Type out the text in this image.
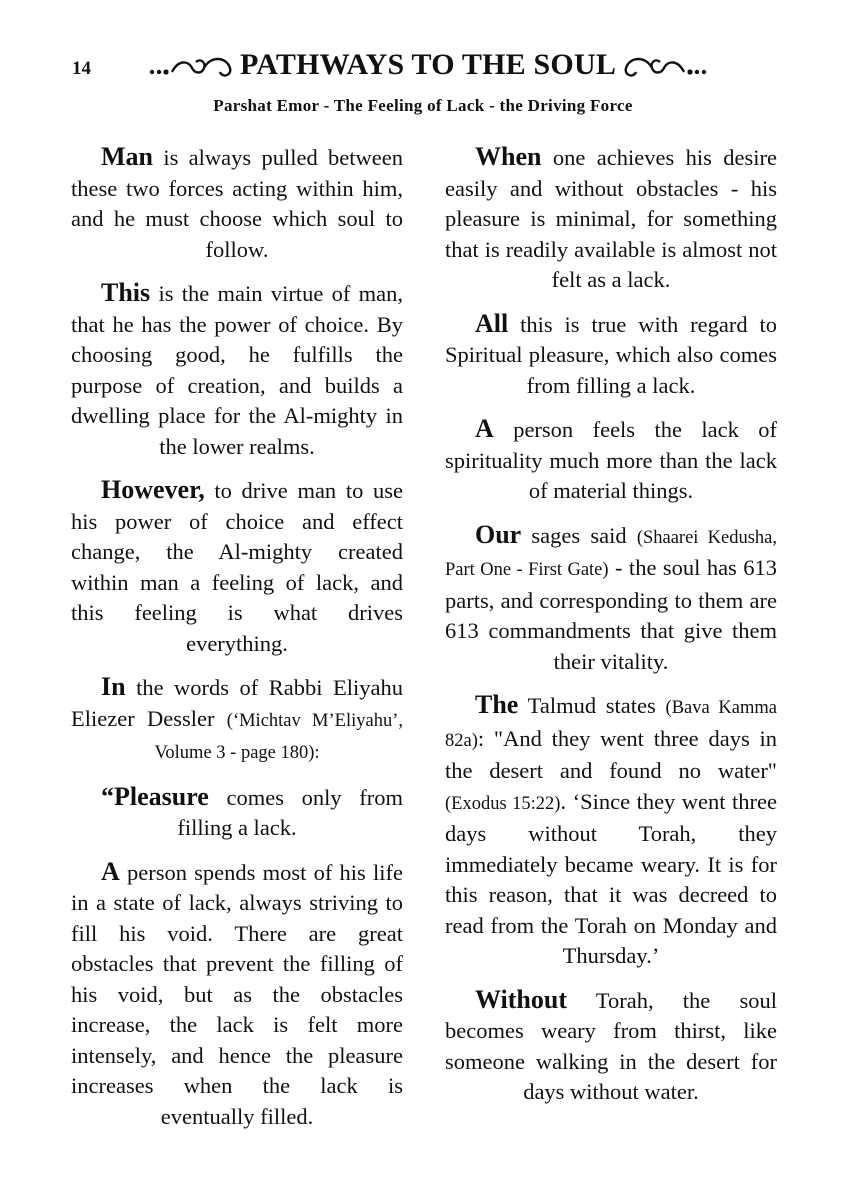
14	PATHWAYS TO THE SOUL
Parshat Emor - The Feeling of Lack - the Driving Force

Man is always pulled between these two forces acting within him, and he must choose which soul to follow.

This is the main virtue of man, that he has the power of choice. By choosing good, he fulfills the purpose of creation, and builds a dwelling place for the Al-mighty in the lower realms.

However, to drive man to use his power of choice and effect change, the Al-mighty created within man a feeling of lack, and this feeling is what drives everything.

In the words of Rabbi Eliyahu Eliezer Dessler (‘Michtav M’Eliyahu’, Volume 3 - page 180):

“Pleasure comes only from filling a lack.

A person spends most of his life in a state of lack, always striving to fill his void. There are great obstacles that prevent the filling of his void, but as the obstacles increase, the lack is felt more intensely, and hence the pleasure increases when the lack is eventually filled.

When one achieves his desire easily and without obstacles - his pleasure is minimal, for something that is readily available is almost not felt as a lack.

All this is true with regard to Spiritual pleasure, which also comes from filling a lack.

A person feels the lack of spirituality much more than the lack of material things.

Our sages said (Shaarei Kedusha, Part One - First Gate) - the soul has 613 parts, and corresponding to them are 613 commandments that give them their vitality.

The Talmud states (Bava Kamma 82a): "And they went three days in the desert and found no water" (Exodus 15:22). ‘Since they went three days without Torah, they immediately became weary. It is for this reason, that it was decreed to read from the Torah on Monday and Thursday.’

Without Torah, the soul becomes weary from thirst, like someone walking in the desert for days without water.
